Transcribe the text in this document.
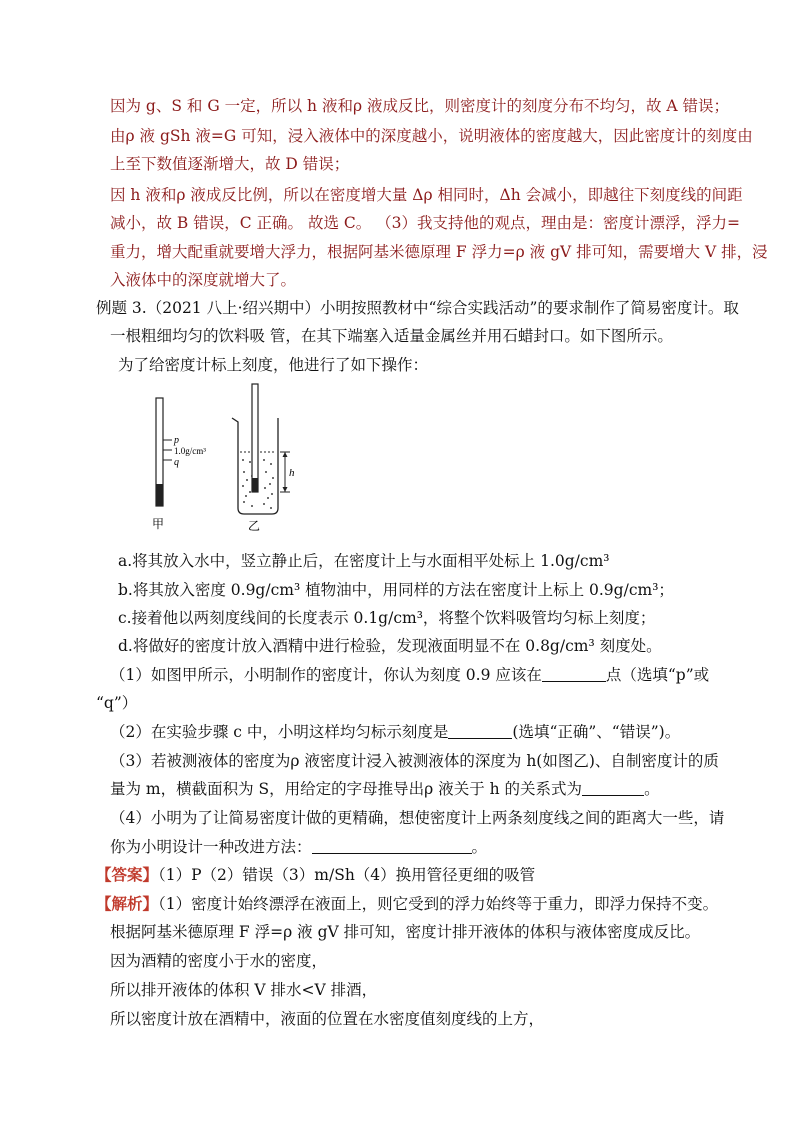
因为 g、S 和 G 一定，所以 h 液和ρ 液成反比，则密度计的刻度分布不均匀，故 A 错误；
由ρ 液 gSh 液=G 可知，浸入液体中的深度越小，说明液体的密度越大，因此密度计的刻度由
上至下数值逐渐增大，故 D 错误；
因 h 液和ρ 液成反比例，所以在密度增大量 Δρ 相同时，Δh 会减小，即越往下刻度线的间距
减小，故 B 错误，C 正确。 故选 C。 （3）我支持他的观点，理由是：密度计漂浮，浮力=
重力，增大配重就要增大浮力，根据阿基米德原理 F 浮力=ρ 液 gV 排可知，需要增大 V 排，浸
入液体中的深度就增大了。
例题 3.（2021 八上·绍兴期中）小明按照教材中“综合实践活动”的要求制作了简易密度计。取
一根粗细均匀的饮料吸 管，在其下端塞入适量金属丝并用石蜡封口。如下图所示。
为了给密度计标上刻度，他进行了如下操作：
p
1.0g/cm³
q
甲
h
乙
a.将其放入水中，竖立静止后，在密度计上与水面相平处标上 1.0g/cm³
b.将其放入密度 0.9g/cm³ 植物油中，用同样的方法在密度计上标上 0.9g/cm³；
c.接着他以两刻度线间的长度表示 0.1g/cm³，将整个饮料吸管均匀标上刻度；
d.将做好的密度计放入酒精中进行检验，发现液面明显不在 0.8g/cm³ 刻度处。
（1）如图甲所示，小明制作的密度计，你认为刻度 0.9 应该在	点（选填“p”或
“q”）
（2）在实验步骤 c 中，小明这样均匀标示刻度是	(选填“正确”、“错误”)。
（3）若被测液体的密度为ρ 液密度计浸入被测液体的深度为 h(如图乙)、自制密度计的质
量为 m，横截面积为 S，用给定的字母推导出ρ 液关于 h 的关系式为	。
（4）小明为了让简易密度计做的更精确，想使密度计上两条刻度线之间的距离大一些，请
你为小明设计一种改进方法：	。
【答案】（1）P（2）错误（3）m/Sh（4）换用管径更细的吸管
【解析】（1）密度计始终漂浮在液面上，则它受到的浮力始终等于重力，即浮力保持不变。
根据阿基米德原理 F 浮=ρ 液 gV 排可知，密度计排开液体的体积与液体密度成反比。
因为酒精的密度小于水的密度，
所以排开液体的体积 V 排水<V 排酒，
所以密度计放在酒精中，液面的位置在水密度值刻度线的上方，
